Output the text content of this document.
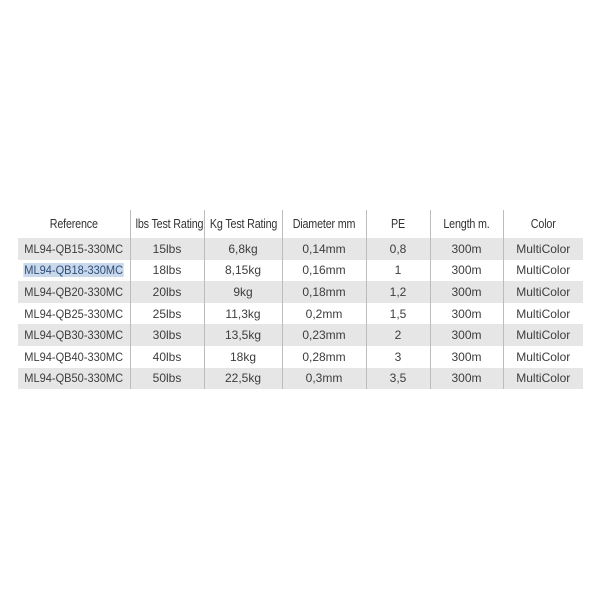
Reference	lbs Test Rating	Kg Test Rating	Diameter mm	PE	Length m.	Color
ML94-QB15-330MC	15lbs	6,8kg	0,14mm	0,8	300m	MultiColor
ML94-QB18-330MC	18lbs	8,15kg	0,16mm	1	300m	MultiColor
ML94-QB20-330MC	20lbs	9kg	0,18mm	1,2	300m	MultiColor
ML94-QB25-330MC	25lbs	11,3kg	0,2mm	1,5	300m	MultiColor
ML94-QB30-330MC	30lbs	13,5kg	0,23mm	2	300m	MultiColor
ML94-QB40-330MC	40lbs	18kg	0,28mm	3	300m	MultiColor
ML94-QB50-330MC	50lbs	22,5kg	0,3mm	3,5	300m	MultiColor
